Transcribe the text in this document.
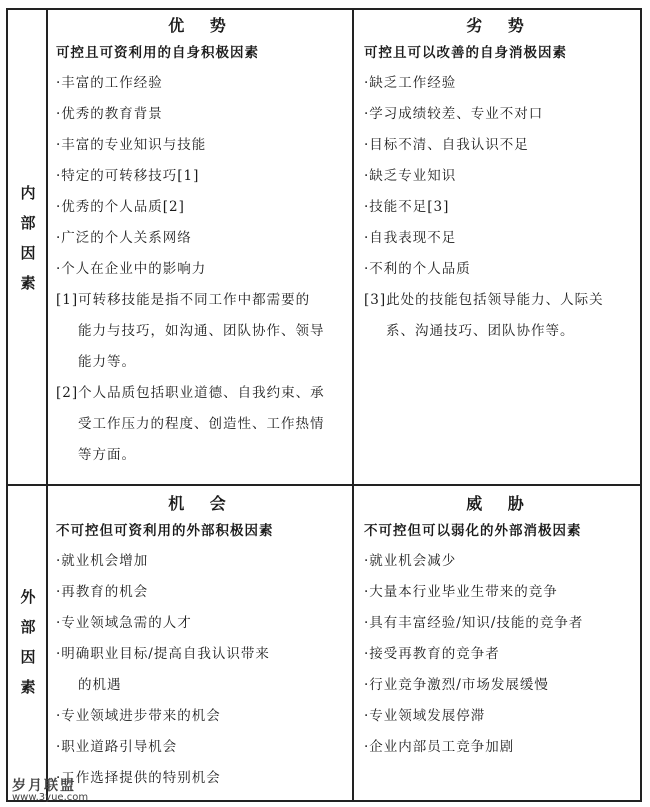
内
部
因
素
外
部
因
素
优 势
可控且可资利用的自身积极因素
·丰富的工作经验
·优秀的教育背景
·丰富的专业知识与技能
·特定的可转移技巧[1]
·优秀的个人品质[2]
·广泛的个人关系网络
·个人在企业中的影响力
[1]可转移技能是指不同工作中都需要的
能力与技巧，如沟通、团队协作、领导
能力等。
[2]个人品质包括职业道德、自我约束、承
受工作压力的程度、创造性、工作热情
等方面。
劣 势
可控且可以改善的自身消极因素
·缺乏工作经验
·学习成绩较差、专业不对口
·目标不清、自我认识不足
·缺乏专业知识
·技能不足[3]
·自我表现不足
·不利的个人品质
[3]此处的技能包括领导能力、人际关
系、沟通技巧、团队协作等。
机 会
不可控但可资利用的外部积极因素
·就业机会增加
·再教育的机会
·专业领域急需的人才
·明确职业目标/提高自我认识带来
的机遇
·专业领域进步带来的机会
·职业道路引导机会
·工作选择提供的特别机会
威 胁
不可控但可以弱化的外部消极因素
·就业机会减少
·大量本行业毕业生带来的竞争
·具有丰富经验/知识/技能的竞争者
·接受再教育的竞争者
·行业竞争激烈/市场发展缓慢
·专业领域发展停滞
·企业内部员工竞争加剧
岁月联盟
www.3yue.com
